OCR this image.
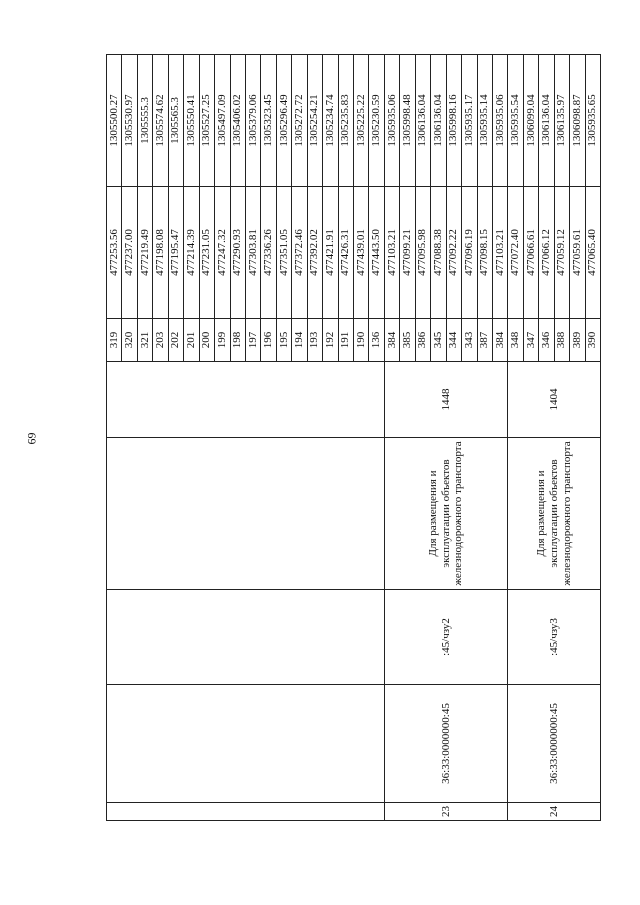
69
					319	477253.56	1305500.27
					320	477237.00	1305530.97
					321	477219.49	1305555.3
					203	477198.08	1305574.62
					202	477195.47	1305565.3
					201	477214.39	1305550.41
					200	477231.05	1305527.25
					199	477247.32	1305497.09
					198	477290.93	1305406.02
					197	477303.81	1305379.06
					196	477336.26	1305323.45
					195	477351.05	1305296.49
					194	477372.46	1305272.72
					193	477392.02	1305254.21
					192	477421.91	1305234.74
					191	477426.31	1305235.83
					190	477439.01	1305225.22
					136	477443.50	1305230.59
23	36:33:0000000:45	:45/чзу2	Для размещения и эксплуатации объектов железнодорожного транспорта	1448	384	477103.21	1305935.06
					385	477099.21	1305998.48
					386	477095.98	1306136.04
					345	477088.38	1306136.04
					344	477092.22	1305998.16
					343	477096.19	1305935.17
					387	477098.15	1305935.14
					384	477103.21	1305935.06
24	36:33:0000000:45	:45/чзу3	Для размещения и эксплуатации объектов железнодорожного транспорта	1404	348	477072.40	1305935.54
					347	477066.61	1306099.04
					346	477066.12	1306136.04
					388	477059.12	1306135.97
					389	477059.61	1306098.87
					390	477065.40	1305935.65
